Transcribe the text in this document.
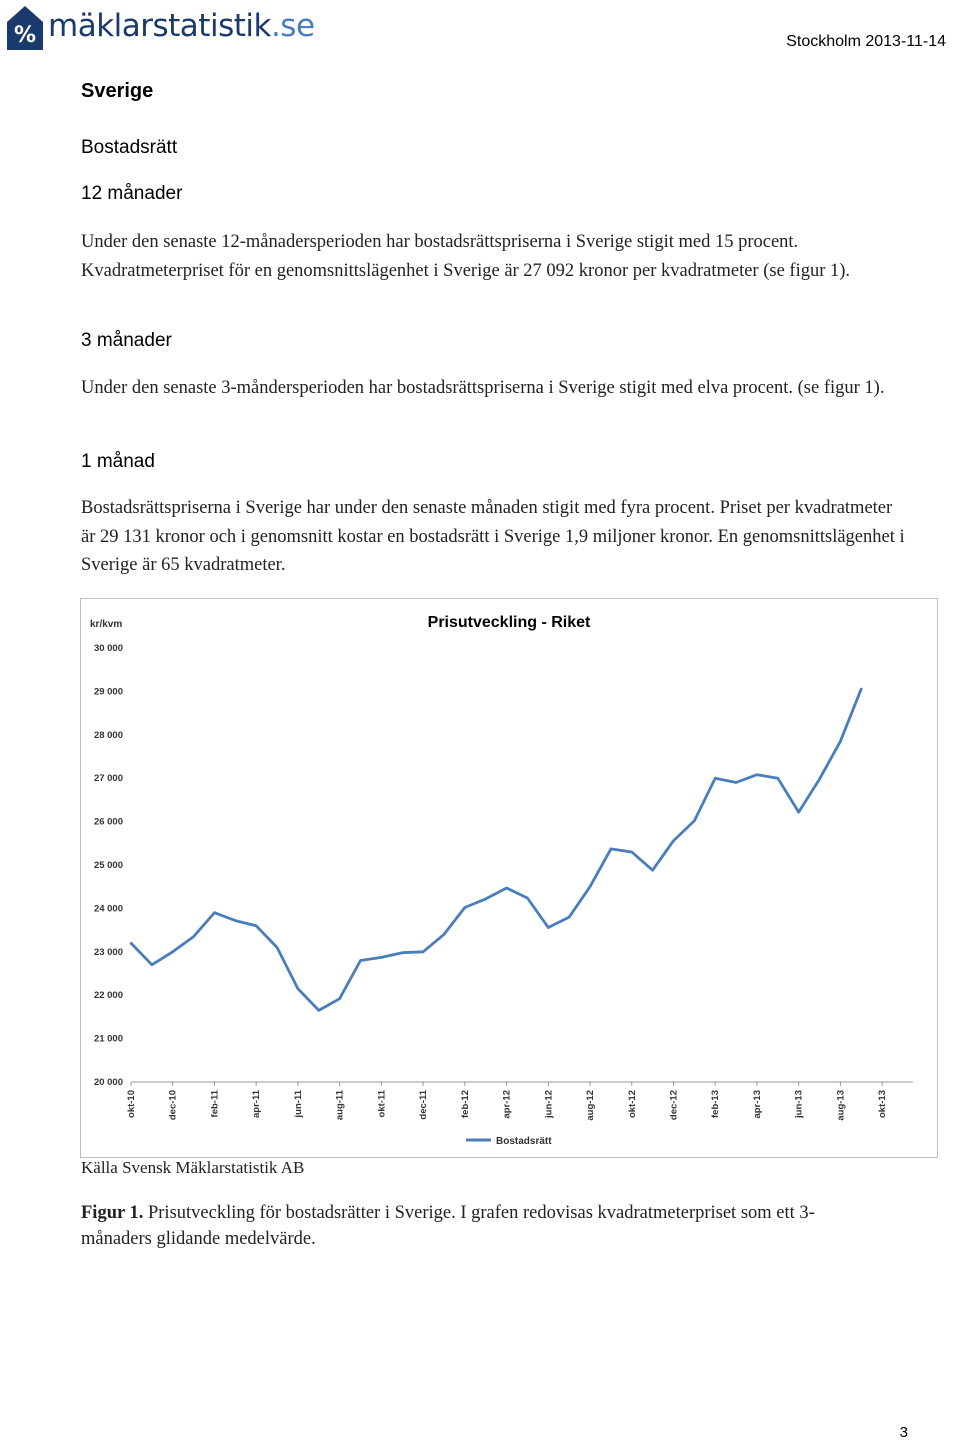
% mäklarstatistik.se	Stockholm 2013-11-14
Sverige
Bostadsrätt
12 månader
Under den senaste 12-månadersperioden har bostadsrättspriserna i Sverige stigit med 15 procent. Kvadratmeterpriset för en genomsnittslägenhet i Sverige är 27 092 kronor per kvadratmeter (se figur 1).
3 månader
Under den senaste 3-måndersperioden har bostadsrättspriserna i Sverige stigit med elva procent. (se figur 1).
1 månad
Bostadsrättspriserna i Sverige har under den senaste månaden stigit med fyra procent. Priset per kvadratmeter är 29 131 kronor och i genomsnitt kostar en bostadsrätt i Sverige 1,9 miljoner kronor. En genomsnittslägenhet i Sverige är 65 kvadratmeter.
Prisutveckling - Riket
kr/kvm
20 000
21 000
22 000
23 000
24 000
25 000
26 000
27 000
28 000
29 000
30 000
okt-10	dec-10	feb-11	apr-11	jun-11	aug-11	okt-11	dec-11	feb-12	apr-12	jun-12	aug-12	okt-12	dec-12	feb-13	apr-13	jun-13	aug-13	okt-13
Bostadsrätt
Källa Svensk Mäklarstatistik AB
Figur 1. Prisutveckling för bostadsrätter i Sverige. I grafen redovisas kvadratmeterpriset som ett 3-månaders glidande medelvärde.
3
